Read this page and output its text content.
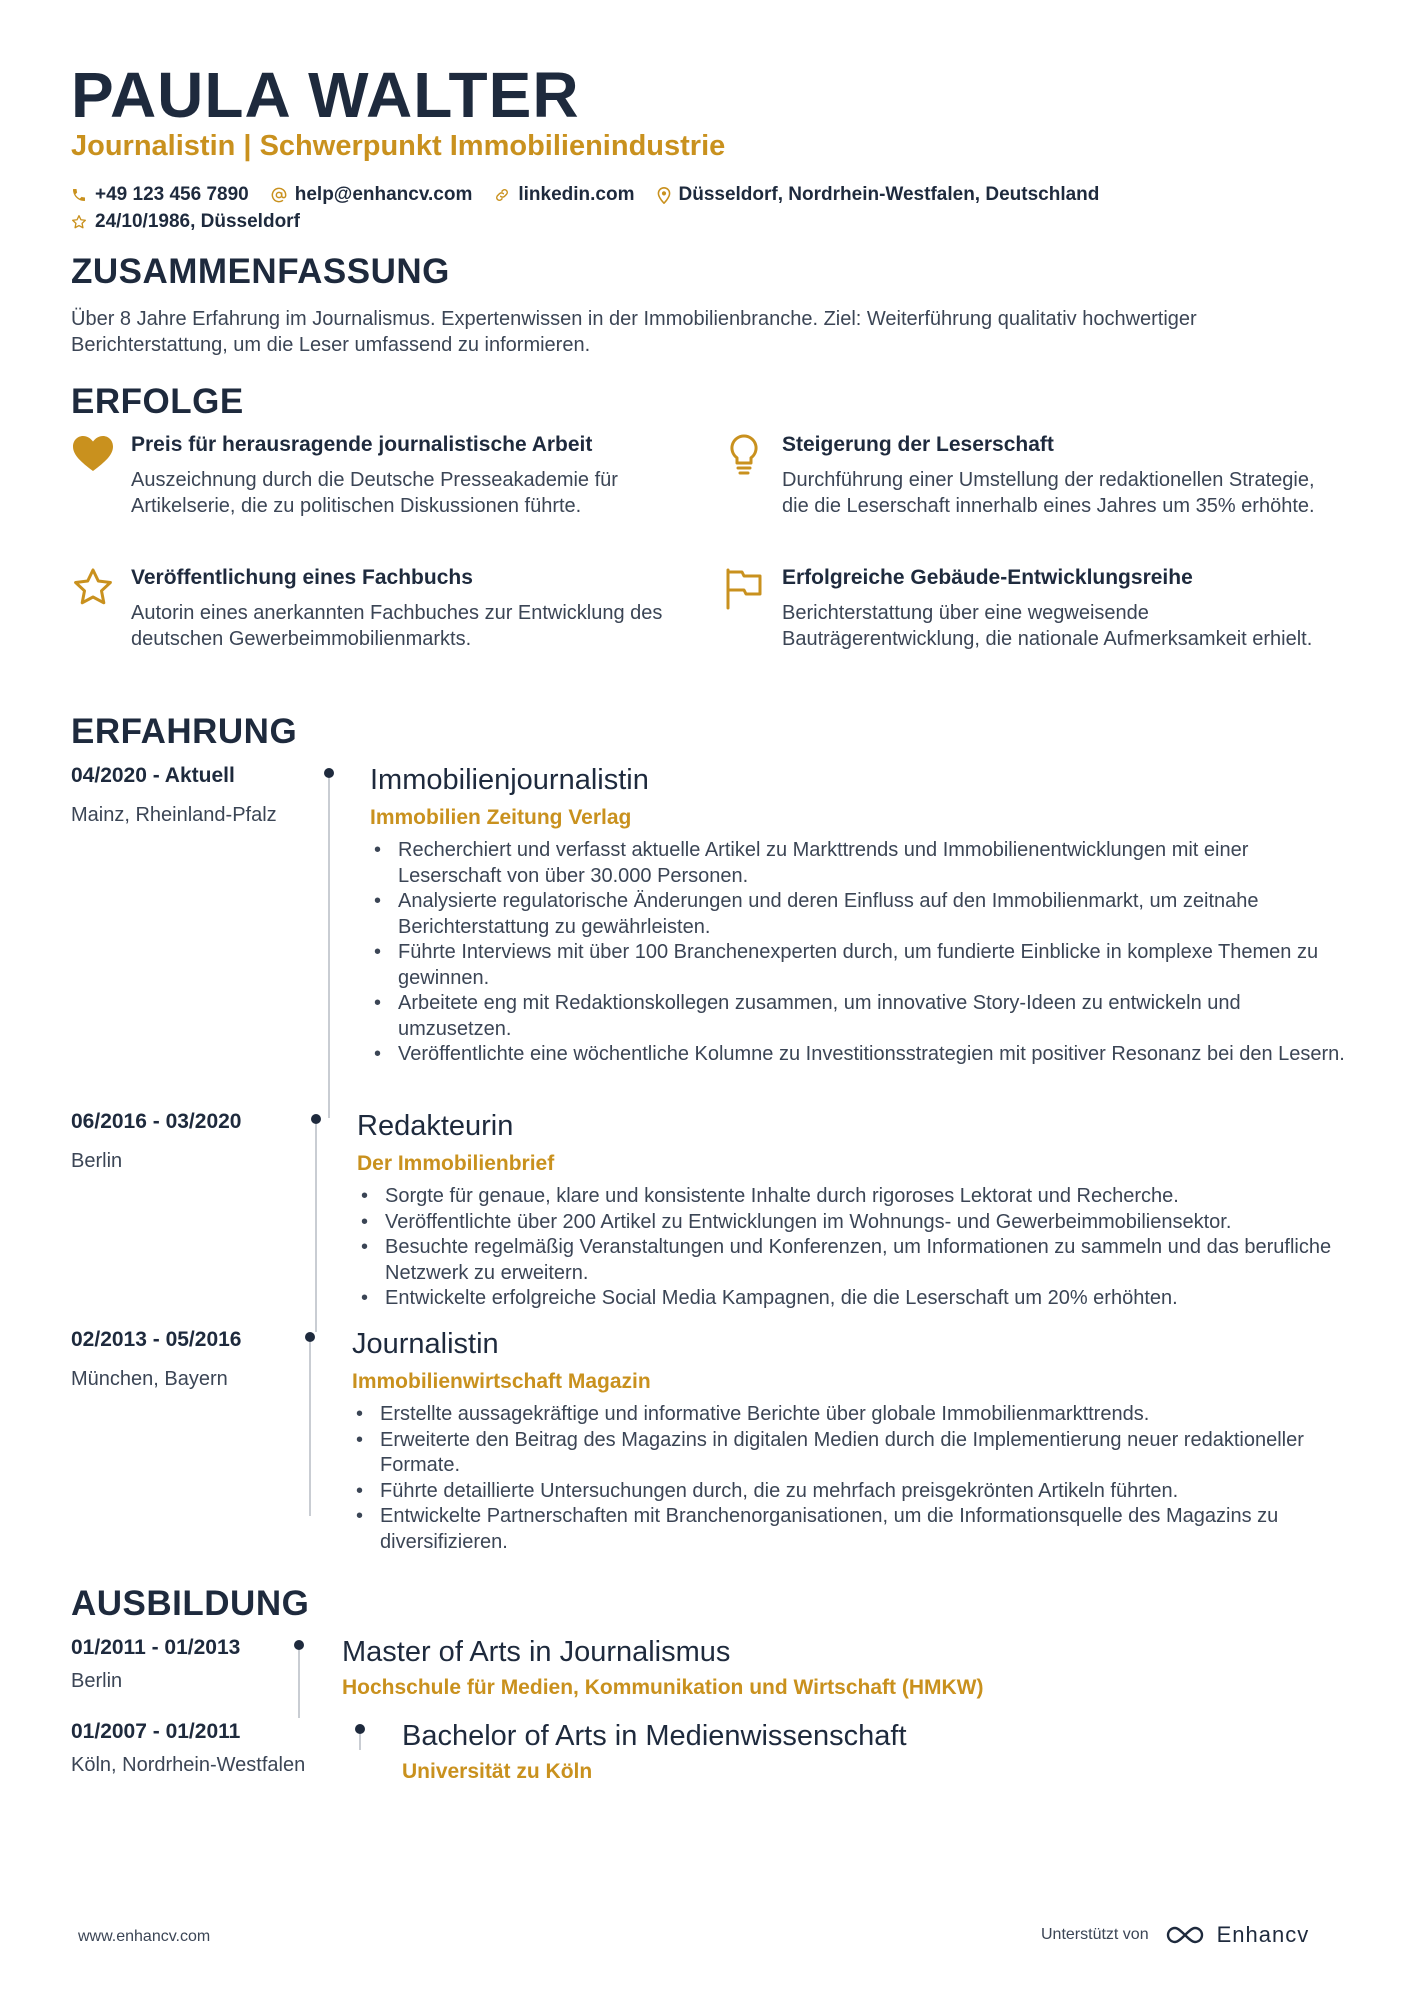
PAULA WALTER
Journalistin | Schwerpunkt Immobilienindustrie
+49 123 456 7890 help@enhancv.com linkedin.com Düsseldorf, Nordrhein-Westfalen, Deutschland
24/10/1986, Düsseldorf
ZUSAMMENFASSUNG
Über 8 Jahre Erfahrung im Journalismus. Expertenwissen in der Immobilienbranche. Ziel: Weiterführung qualitativ hochwertiger Berichterstattung, um die Leser umfassend zu informieren.
ERFOLGE
Preis für herausragende journalistische Arbeit
Auszeichnung durch die Deutsche Presseakademie für Artikelserie, die zu politischen Diskussionen führte.
Steigerung der Leserschaft
Durchführung einer Umstellung der redaktionellen Strategie, die die Leserschaft innerhalb eines Jahres um 35% erhöhte.
Veröffentlichung eines Fachbuchs
Autorin eines anerkannten Fachbuches zur Entwicklung des deutschen Gewerbeimmobilienmarkts.
Erfolgreiche Gebäude-Entwicklungsreihe
Berichterstattung über eine wegweisende Bauträgerentwicklung, die nationale Aufmerksamkeit erhielt.
ERFAHRUNG
04/2020 - Aktuell
Mainz, Rheinland-Pfalz
Immobilienjournalistin
Immobilien Zeitung Verlag
• Recherchiert und verfasst aktuelle Artikel zu Markttrends und Immobilienentwicklungen mit einer Leserschaft von über 30.000 Personen.
• Analysierte regulatorische Änderungen und deren Einfluss auf den Immobilienmarkt, um zeitnahe Berichterstattung zu gewährleisten.
• Führte Interviews mit über 100 Branchenexperten durch, um fundierte Einblicke in komplexe Themen zu gewinnen.
• Arbeitete eng mit Redaktionskollegen zusammen, um innovative Story-Ideen zu entwickeln und umzusetzen.
• Veröffentlichte eine wöchentliche Kolumne zu Investitionsstrategien mit positiver Resonanz bei den Lesern.
06/2016 - 03/2020
Berlin
Redakteurin
Der Immobilienbrief
• Sorgte für genaue, klare und konsistente Inhalte durch rigoroses Lektorat und Recherche.
• Veröffentlichte über 200 Artikel zu Entwicklungen im Wohnungs- und Gewerbeimmobiliensektor.
• Besuchte regelmäßig Veranstaltungen und Konferenzen, um Informationen zu sammeln und das berufliche Netzwerk zu erweitern.
• Entwickelte erfolgreiche Social Media Kampagnen, die die Leserschaft um 20% erhöhten.
02/2013 - 05/2016
München, Bayern
Journalistin
Immobilienwirtschaft Magazin
• Erstellte aussagekräftige und informative Berichte über globale Immobilienmarkttrends.
• Erweiterte den Beitrag des Magazins in digitalen Medien durch die Implementierung neuer redaktioneller Formate.
• Führte detaillierte Untersuchungen durch, die zu mehrfach preisgekrönten Artikeln führten.
• Entwickelte Partnerschaften mit Branchenorganisationen, um die Informationsquelle des Magazins zu diversifizieren.
AUSBILDUNG
01/2011 - 01/2013
Berlin
Master of Arts in Journalismus
Hochschule für Medien, Kommunikation und Wirtschaft (HMKW)
01/2007 - 01/2011
Köln, Nordrhein-Westfalen
Bachelor of Arts in Medienwissenschaft
Universität zu Köln
www.enhancv.com	Unterstützt von	Enhancv
